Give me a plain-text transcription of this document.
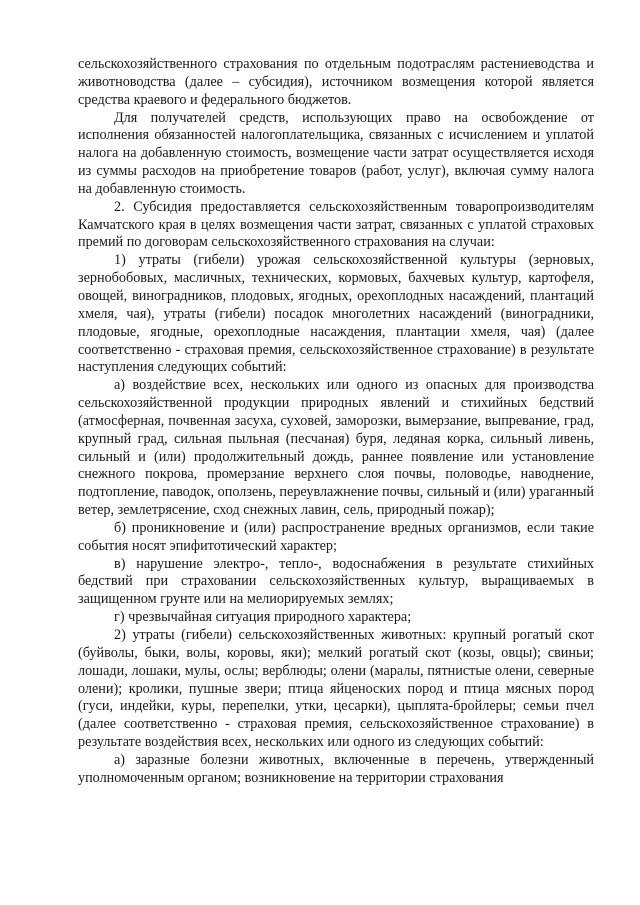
сельскохозяйственного страхования по отдельным подотраслям растениеводства и животноводства (далее – субсидия), источником возмещения которой является средства краевого и федерального бюджетов.

Для получателей средств, использующих право на освобождение от исполнения обязанностей налогоплательщика, связанных с исчислением и уплатой налога на добавленную стоимость, возмещение части затрат осуществляется исходя из суммы расходов на приобретение товаров (работ, услуг), включая сумму налога на добавленную стоимость.

2. Субсидия предоставляется сельскохозяйственным товаропроизводителям Камчатского края в целях возмещения части затрат, связанных с уплатой страховых премий по договорам сельскохозяйственного страхования на случаи:

1) утраты (гибели) урожая сельскохозяйственной культуры (зерновых, зернобобовых, масличных, технических, кормовых, бахчевых культур, картофеля, овощей, виноградников, плодовых, ягодных, орехоплодных насаждений, плантаций хмеля, чая), утраты (гибели) посадок многолетних насаждений (виноградники, плодовые, ягодные, орехоплодные насаждения, плантации хмеля, чая) (далее соответственно - страховая премия, сельскохозяйственное страхование) в результате наступления следующих событий:

а) воздействие всех, нескольких или одного из опасных для производства сельскохозяйственной продукции природных явлений и стихийных бедствий (атмосферная, почвенная засуха, суховей, заморозки, вымерзание, выпревание, град, крупный град, сильная пыльная (песчаная) буря, ледяная корка, сильный ливень, сильный и (или) продолжительный дождь, раннее появление или установление снежного покрова, промерзание верхнего слоя почвы, половодье, наводнение, подтопление, паводок, оползень, переувлажнение почвы, сильный и (или) ураганный ветер, землетрясение, сход снежных лавин, сель, природный пожар);

б) проникновение и (или) распространение вредных организмов, если такие события носят эпифитотический характер;

в) нарушение электро-, тепло-, водоснабжения в результате стихийных бедствий при страховании сельскохозяйственных культур, выращиваемых в защищенном грунте или на мелиорируемых землях;

г) чрезвычайная ситуация природного характера;

2) утраты (гибели) сельскохозяйственных животных: крупный рогатый скот (буйволы, быки, волы, коровы, яки); мелкий рогатый скот (козы, овцы); свиньи; лошади, лошаки, мулы, ослы; верблюды; олени (маралы, пятнистые олени, северные олени); кролики, пушные звери; птица яйценоских пород и птица мясных пород (гуси, индейки, куры, перепелки, утки, цесарки), цыплята-бройлеры; семьи пчел (далее соответственно - страховая премия, сельскохозяйственное страхование) в результате воздействия всех, нескольких или одного из следующих событий:

а) заразные болезни животных, включенные в перечень, утвержденный уполномоченным органом; возникновение на территории страхования
